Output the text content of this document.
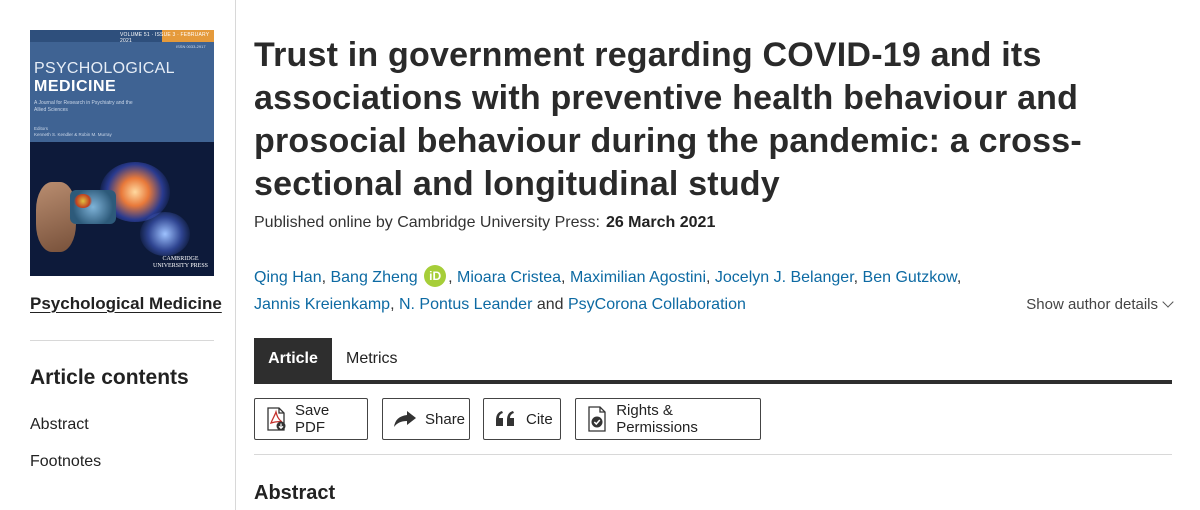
VOLUME 51 · ISSUE 3 · FEBRUARY 2021
ISSN 0033-2917
PSYCHOLOGICAL
MEDICINE
A Journal for Research in Psychiatry and the Allied Sciences
Editors
Kenneth S. Kendler & Robin M. Murray
CAMBRIDGE
UNIVERSITY PRESS
Psychological Medicine
Article contents
Abstract
Footnotes
Trust in government regarding COVID-19 and its associations with preventive health behaviour and prosocial behaviour during the pandemic: a cross-sectional and longitudinal study
Published online by Cambridge University Press: 26 March 2021
Qing Han, Bang Zheng iD , Mioara Cristea, Maximilian Agostini, Jocelyn J. Belanger, Ben Gutzkow,
Jannis Kreienkamp, N. Pontus Leander and PsyCorona Collaboration	Show author details
Article	Metrics
Save PDF	Share	Cite	Rights & Permissions
Abstract
